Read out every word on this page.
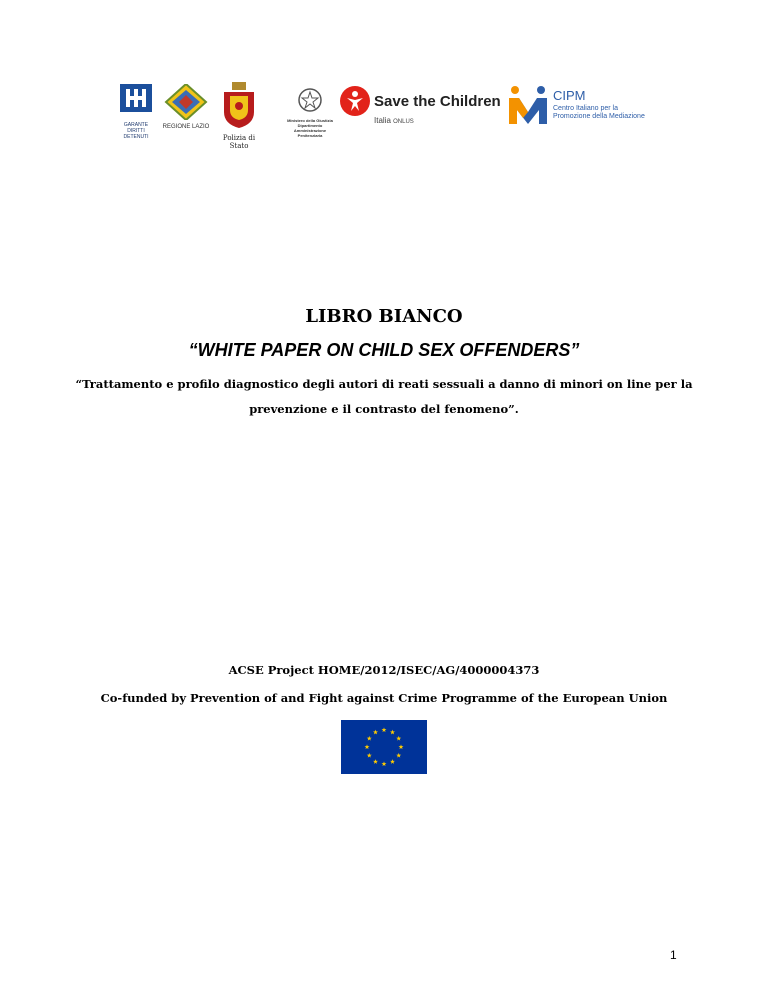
GARANTE DIRITTI DETENUTI
REGIONE LAZIO
Polizia di Stato
Ministero della Giustizia Dipartimento Amministrazione Penitenziaria
Save the Children
Italia ONLUS
CIPM
Centro Italiano per la
Promozione della Mediazione
LIBRO BIANCO
“WHITE PAPER ON CHILD SEX OFFENDERS”
“Trattamento e profilo diagnostico degli autori di reati sessuali a danno di minori on line per la
prevenzione e il contrasto del fenomeno”.
ACSE Project HOME/2012/ISEC/AG/4000004373
Co-funded by Prevention of and Fight against Crime Programme of the European Union
1
